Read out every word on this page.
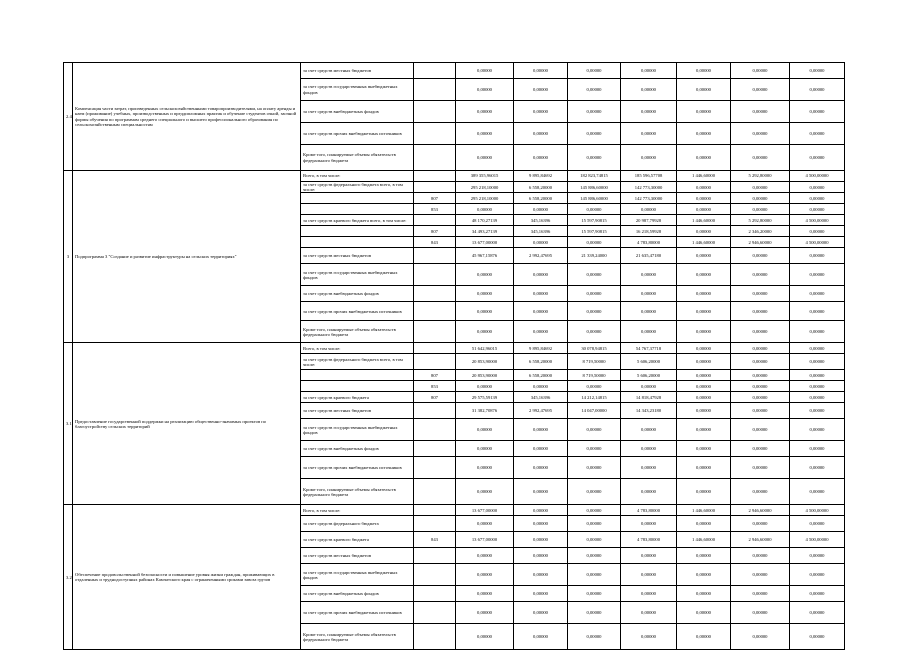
2.4	Компенсация части затрат, произведенных сельскохозяйственными товаропроизводителями, на оплату аренды и наем (проживание) учебных, производственных и преддипломных практик и обучение студентов очной, заочной формы обучения по программам среднего специального и высшего профессионального образования по сельскохозяйственным специальностям	за счет средств местных бюджетов		0,00000	0,00000	0,00000	0,00000	0,00000	0,00000	0,00000
		за счет средств государственных внебюджетных фондов		0,00000	0,00000	0,00000	0,00000	0,00000	0,00000	0,00000
		за счет средств внебюджетных фондов		0,00000	0,00000	0,00000	0,00000	0,00000	0,00000	0,00000
		за счет средств прочих внебюджетных источников		0,00000	0,00000	0,00000	0,00000	0,00000	0,00000	0,00000
		Кроме того, планируемые объемы обязательств федерального бюджета		0,00000	0,00000	0,00000	0,00000	0,00000	0,00000	0,00000
3	Подпрограмма 3 "Создание и развитие инфраструктуры на сельских территориях"	Всего, в том числе:		389 355,96015	9 895,84692	182 823,74815	185 596,57708	1 446,60000	5 292,80000	4 500,00000
		за счет средств федерального бюджета всего, в том числе:		295 218,10000	6 558,20000	145 886,60000	142 773,30000	0,00000	0,00000	0,00000
			807	295 218,10000	6 558,20000	145 886,60000	142 773,30000	0,00000	0,00000	0,00000
			853	0,00000	0,00000	0,00000	0,00000	0,00000	0,00000	0,00000
		за счет средств краевого бюджета всего, в том числе:		48 170,27139	345,16396	15 597,90815	20 987,79928	1 446,60000	5 292,80000	4 500,00000
			807	34 493,27139	345,16396	15 597,90815	16 218,59928	0,00000	2 346,20000	0,00000
			843	13 677,00000	0,00000	0,00000	4 783,80000	1 446,60000	2 946,60000	4 500,00000
		за счет средств местных бюджетов		45 967,15876	2 992,47695	21 339,24000	21 635,47180	0,00000	0,00000	0,00000
		за счет средств государственных внебюджетных фондов		0,00000	0,00000	0,00000	0,00000	0,00000	0,00000	0,00000
		за счет средств внебюджетных фондов		0,00000	0,00000	0,00000	0,00000	0,00000	0,00000	0,00000
		за счет средств прочих внебюджетных источников		0,00000	0,00000	0,00000	0,00000	0,00000	0,00000	0,00000
		Кроме того, планируемые объемы обязательств федерального бюджета		0,00000	0,00000	0,00000	0,00000	0,00000	0,00000	0,00000
3.1	Предоставление государственной поддержки на реализацию общественно-значимых проектов по благоустройству сельских территорий	Всего, в том числе:		51 642,96015	9 895,84692	30 078,94815	54 767,37718	0,00000	0,00000	0,00000
		за счет средств федерального бюджета всего, в том числе:		20 853,90000	6 558,20000	8 719,50000	5 606,20000	0,00000	0,00000	0,00000
			807	20 853,90000	6 558,20000	8 719,50000	5 606,20000	0,00000	0,00000	0,00000
			853	0,00000	0,00000	0,00000	0,00000	0,00000	0,00000	0,00000
		за счет средств краевого бюджета	807	29 575,59139	345,16396	14 212,14815	14 818,47928	0,00000	0,00000	0,00000
		за счет средств местных бюджетов		31 382,70876	2 992,47695	14 047,00000	14 343,23180	0,00000	0,00000	0,00000
		за счет средств государственных внебюджетных фондов		0,00000	0,00000	0,00000	0,00000	0,00000	0,00000	0,00000
		за счет средств внебюджетных фондов		0,00000	0,00000	0,00000	0,00000	0,00000	0,00000	0,00000
		за счет средств прочих внебюджетных источников		0,00000	0,00000	0,00000	0,00000	0,00000	0,00000	0,00000
		Кроме того, планируемые объемы обязательств федерального бюджета		0,00000	0,00000	0,00000	0,00000	0,00000	0,00000	0,00000
3.2	Обеспечение продовольственной безопасности и повышение уровня жизни граждан, проживающих в отдаленных и труднодоступных районах Камчатского края с ограниченными сроками завоза грузов	Всего, в том числе:		13 677,00000	0,00000	0,00000	4 783,80000	1 446,60000	2 946,60000	4 500,00000
		за счет средств федерального бюджета		0,00000	0,00000	0,00000	0,00000	0,00000	0,00000	0,00000
		за счет средств краевого бюджета	843	13 677,00000	0,00000	0,00000	4 783,80000	1 446,60000	2 946,60000	4 500,00000
		за счет средств местных бюджетов		0,00000	0,00000	0,00000	0,00000	0,00000	0,00000	0,00000
		за счет средств государственных внебюджетных фондов		0,00000	0,00000	0,00000	0,00000	0,00000	0,00000	0,00000
		за счет средств внебюджетных фондов		0,00000	0,00000	0,00000	0,00000	0,00000	0,00000	0,00000
		за счет средств прочих внебюджетных источников		0,00000	0,00000	0,00000	0,00000	0,00000	0,00000	0,00000
		Кроме того, планируемые объемы обязательств федерального бюджета		0,00000	0,00000	0,00000	0,00000	0,00000	0,00000	0,00000
